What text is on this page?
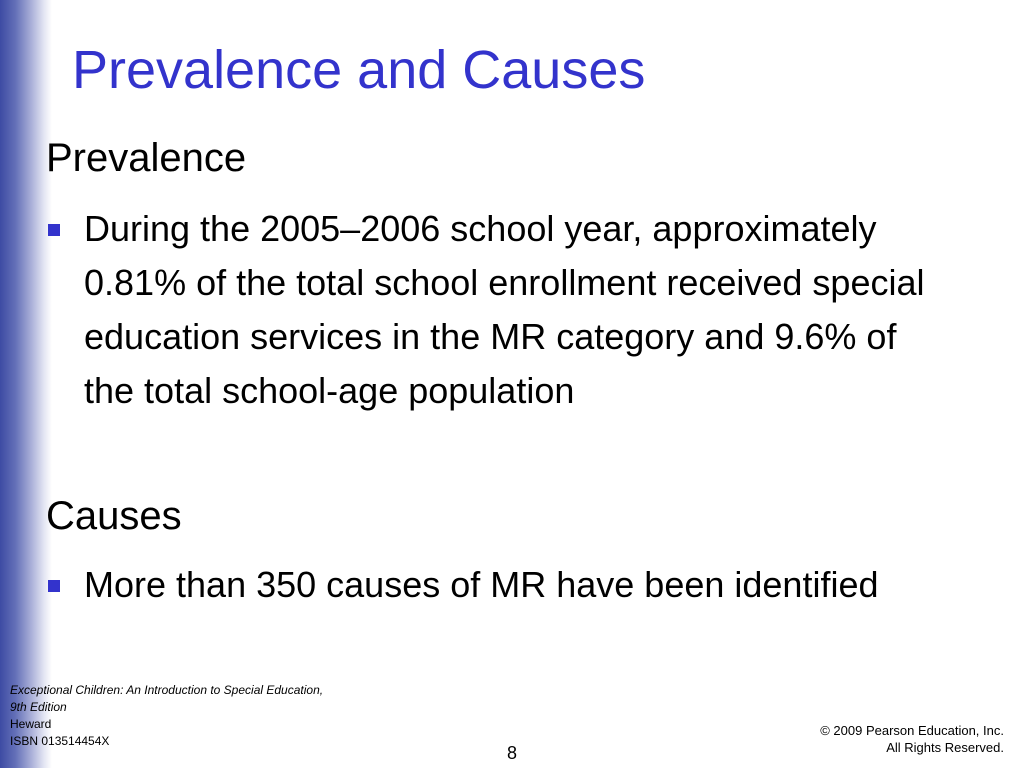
Prevalence and Causes
Prevalence

During the 2005–2006 school year, approximately 0.81% of the total school enrollment received special education services in the MR category and 9.6% of the total school-age population

Causes

More than 350 causes of MR have been identified

Exceptional Children: An Introduction to Special Education, 9th Edition
Heward
ISBN 013514454X
© 2009 Pearson Education, Inc.
All Rights Reserved.
8
